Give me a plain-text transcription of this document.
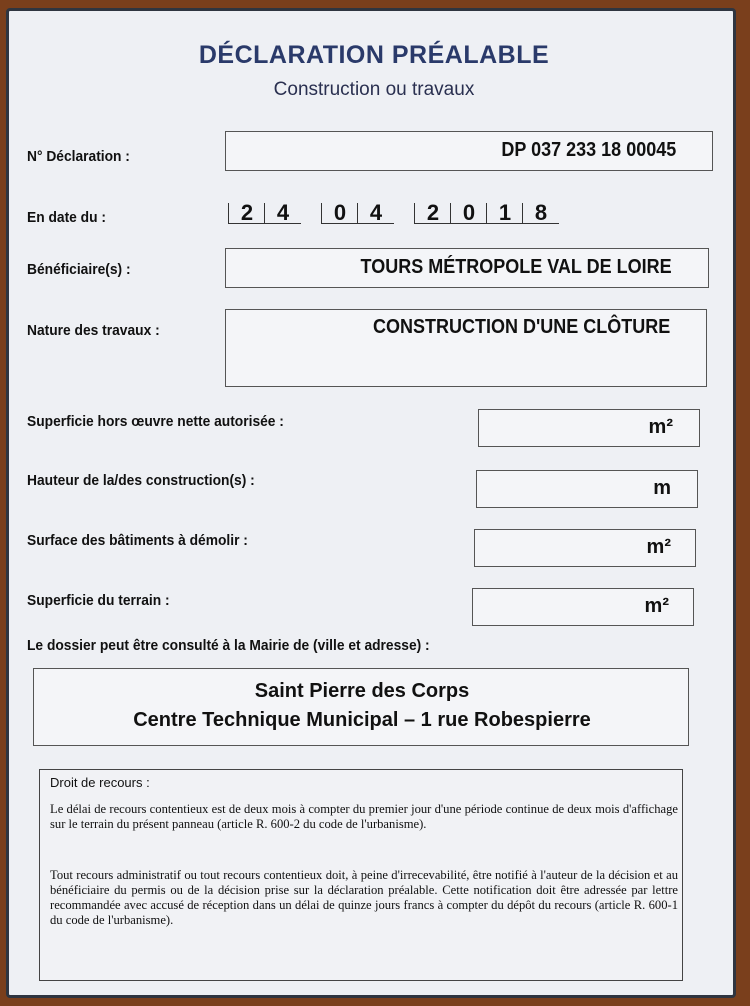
DÉCLARATION PRÉALABLE
Construction ou travaux
N° Déclaration :	DP 037 233 18 00045
En date du :	2	4	0	4	2	0	1	8
Bénéficiaire(s) :	TOURS MÉTROPOLE VAL DE LOIRE
Nature des travaux :	CONSTRUCTION D'UNE CLÔTURE
Superficie hors œuvre nette autorisée :	m²
Hauteur de la/des construction(s) :	m
Surface des bâtiments à démolir :	m²
Superficie du terrain :	m²
Le dossier peut être consulté à la Mairie de (ville et adresse) :
Saint Pierre des Corps
Centre Technique Municipal – 1 rue Robespierre
Droit de recours :
Le délai de recours contentieux est de deux mois à compter du premier jour d'une période continue de deux mois d'affichage sur le terrain du présent panneau (article R. 600-2 du code de l'urbanisme).
Tout recours administratif ou tout recours contentieux doit, à peine d'irrecevabilité, être notifié à l'auteur de la décision et au bénéficiaire du permis ou de la décision prise sur la déclaration préalable. Cette notification doit être adressée par lettre recommandée avec accusé de réception dans un délai de quinze jours francs à compter du dépôt du recours (article R. 600-1 du code de l'urbanisme).
